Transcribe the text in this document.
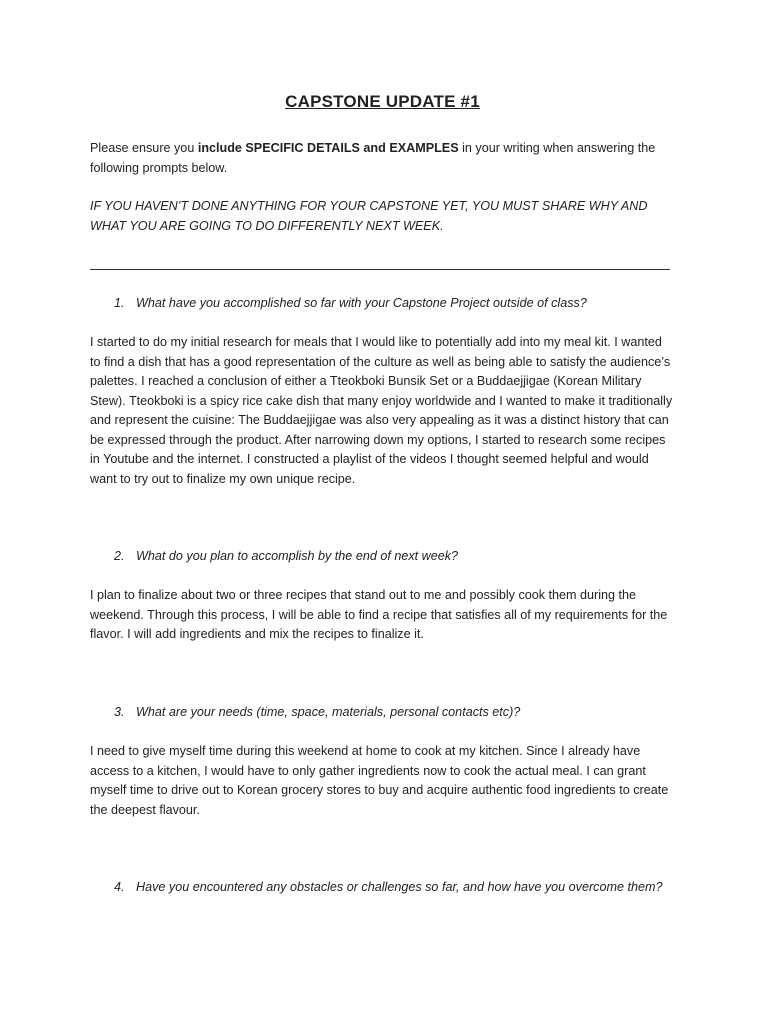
CAPSTONE UPDATE #1

Please ensure you include SPECIFIC DETAILS and EXAMPLES in your writing when answering the following prompts below.

IF YOU HAVEN’T DONE ANYTHING FOR YOUR CAPSTONE YET, YOU MUST SHARE WHY AND WHAT YOU ARE GOING TO DO DIFFERENTLY NEXT WEEK.

1. What have you accomplished so far with your Capstone Project outside of class?

I started to do my initial research for meals that I would like to potentially add into my meal kit. I wanted to find a dish that has a good representation of the culture as well as being able to satisfy the audience’s palettes. I reached a conclusion of either a Tteokboki Bunsik Set or a Buddaejjigae (Korean Military Stew). Tteokboki is a spicy rice cake dish that many enjoy worldwide and I wanted to make it traditionally and represent the cuisine: The Buddaejjigae was also very appealing as it was a distinct history that can be expressed through the product. After narrowing down my options, I started to research some recipes in Youtube and the internet. I constructed a playlist of the videos I thought seemed helpful and would want to try out to finalize my own unique recipe.

2. What do you plan to accomplish by the end of next week?

I plan to finalize about two or three recipes that stand out to me and possibly cook them during the weekend. Through this process, I will be able to find a recipe that satisfies all of my requirements for the flavor. I will add ingredients and mix the recipes to finalize it.

3. What are your needs (time, space, materials, personal contacts etc)?

I need to give myself time during this weekend at home to cook at my kitchen. Since I already have access to a kitchen, I would have to only gather ingredients now to cook the actual meal. I can grant myself time to drive out to Korean grocery stores to buy and acquire authentic food ingredients to create the deepest flavour.

4. Have you encountered any obstacles or challenges so far, and how have you overcome them?
